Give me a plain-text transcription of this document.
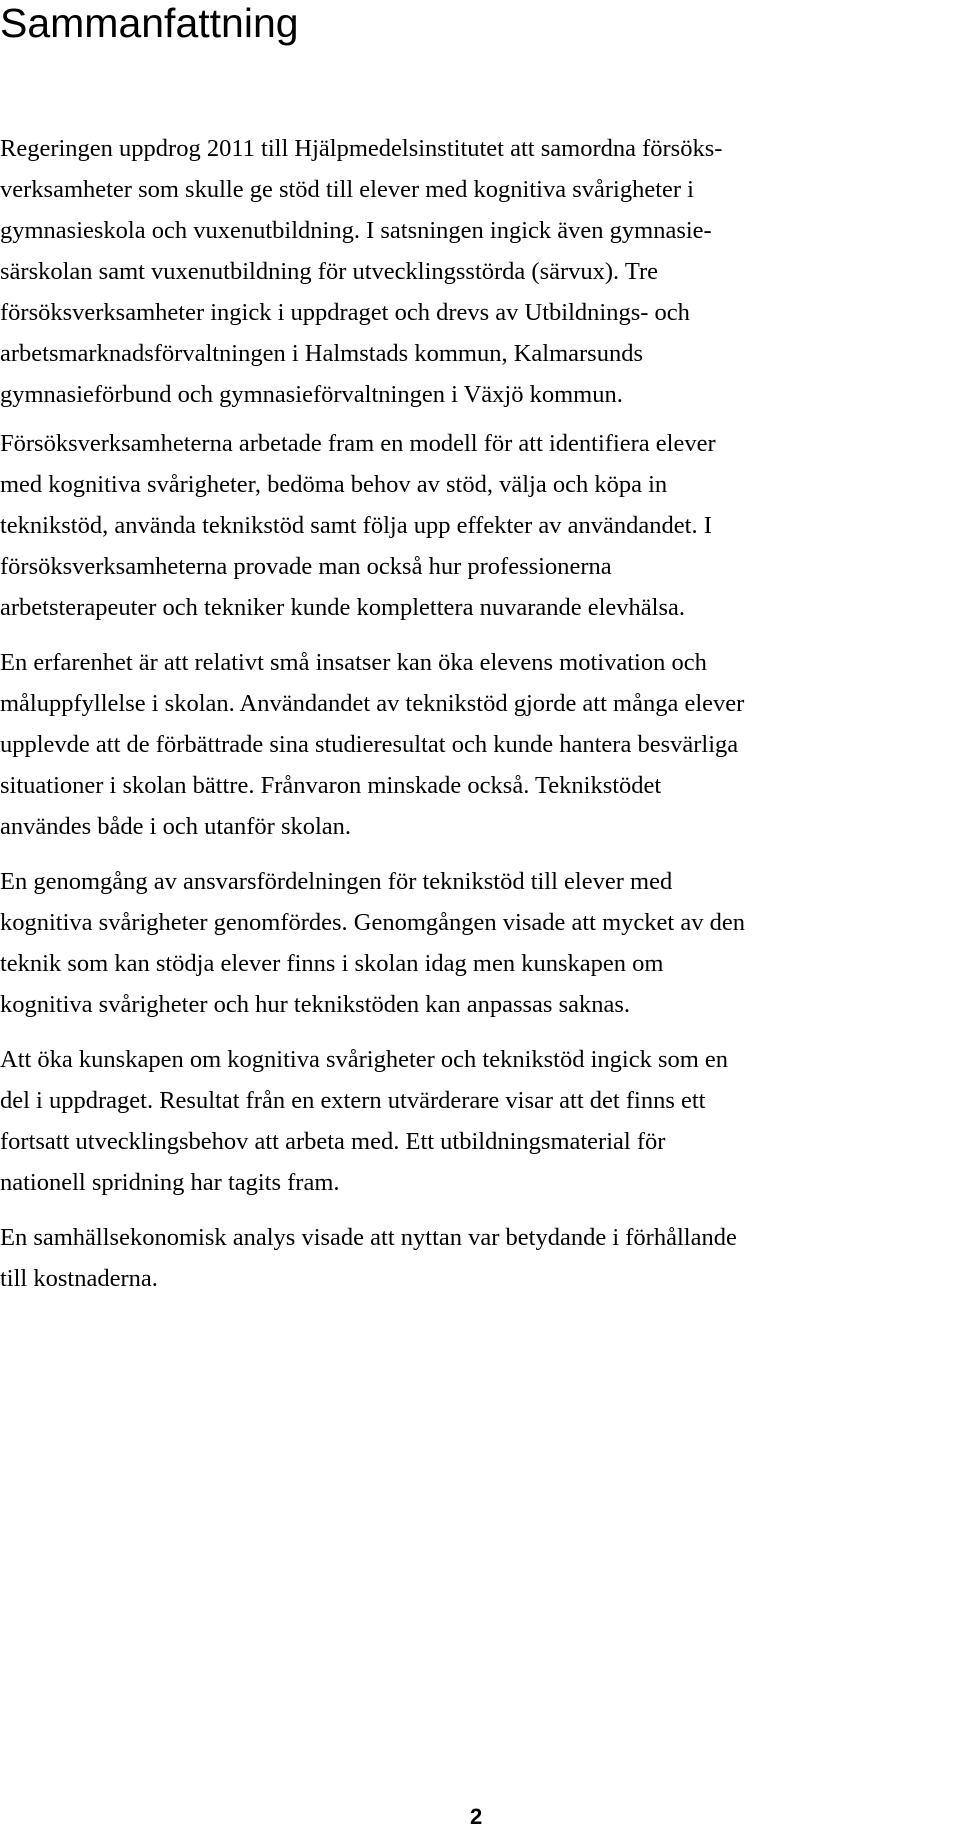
Sammanfattning

Regeringen uppdrog 2011 till Hjälpmedelsinstitutet att samordna försöks-
verksamheter som skulle ge stöd till elever med kognitiva svårigheter i
gymnasieskola och vuxenutbildning. I satsningen ingick även gymnasie-
särskolan samt vuxenutbildning för utvecklingsstörda (särvux). Tre
försöksverksamheter ingick i uppdraget och drevs av Utbildnings- och
arbetsmarknadsförvaltningen i Halmstads kommun, Kalmarsunds
gymnasieförbund och gymnasieförvaltningen i Växjö kommun.

Försöksverksamheterna arbetade fram en modell för att identifiera elever
med kognitiva svårigheter, bedöma behov av stöd, välja och köpa in
teknikstöd, använda teknikstöd samt följa upp effekter av användandet. I
försöksverksamheterna provade man också hur professionerna
arbetsterapeuter och tekniker kunde komplettera nuvarande elevhälsa.

En erfarenhet är att relativt små insatser kan öka elevens motivation och
måluppfyllelse i skolan. Användandet av teknikstöd gjorde att många elever
upplevde att de förbättrade sina studieresultat och kunde hantera besvärliga
situationer i skolan bättre. Frånvaron minskade också. Teknikstödet
användes både i och utanför skolan.

En genomgång av ansvarsfördelningen för teknikstöd till elever med
kognitiva svårigheter genomfördes. Genomgången visade att mycket av den
teknik som kan stödja elever finns i skolan idag men kunskapen om
kognitiva svårigheter och hur teknikstöden kan anpassas saknas.

Att öka kunskapen om kognitiva svårigheter och teknikstöd ingick som en
del i uppdraget. Resultat från en extern utvärderare visar att det finns ett
fortsatt utvecklingsbehov att arbeta med. Ett utbildningsmaterial för
nationell spridning har tagits fram.

En samhällsekonomisk analys visade att nyttan var betydande i förhållande
till kostnaderna.

2
